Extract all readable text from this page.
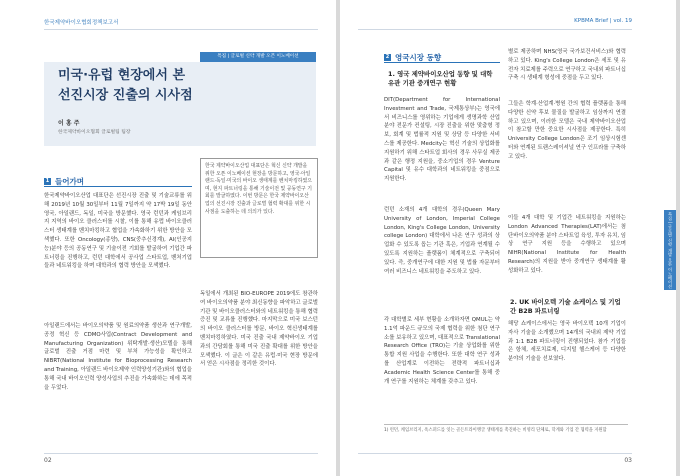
한국제약바이오협회정책보고서
특집 | 글로벌 신약 개발 오픈 이노베이션
미국·유럽 현장에서 본
선진시장 진출의 시사점
이 홍 주
한국제약바이오협회 글로벌팀 팀장
1 들어가며
한국제약바이오산업 대표단은 선진시장 진출 및 기술교류를 위해 2019년 10월 30일부터 11월 7일까지 약 17박 19일 동안 영국, 아일랜드, 독일, 미국을 방문했다. 영국 런던과 케임브리지 지역의 바이오 클러스터를 시찰, 이를 통해 유럽 바이오클러스터 생태계를 벤치마킹하고 협업을 가속화하기 위한 방안을 모색했다. 또한 Oncology(종양), CNS(중추신경계), AI(인공지능)분야 등의 공동연구 및 기술이전 기회를 발굴하여 기업간 파트너링을 진행하고, 런던 대학에서 공사업 스타트업, 벤처기업들과 네트워킹을 하며 대학과의 협력 방안을 모색했다.
아일랜드에서는 바이오의약품 및 원료의약품 생산과 연구개발, 공정 혁신 등 CDMO사업(Contract Development and Manufacturing Organization) 위탁개발·생산)모델을 통해 글로벌 진출 거점 마련 및 부처 가능성을 확인하고 NIBRT(National Institute for Bioprocessing Research and Training, 아일랜드 바이오제약 인력양성기관)와의 협업을 통해 국내 바이오인력 양성사업의 추진을 가속화하는 데에 목적을 두었다.
한국 제약바이오산업 대표단은 혁신 신약 개발을 위한 오픈 이노베이션 현장을 방문하고, 영국·아일랜드·독일·미국의 바이오 생태계를 벤치마킹하였으며, 현지 파트너링을 통해 기술이전 및 공동연구 기회를 발굴하였다. 이번 방문은 한국 제약바이오산업의 선진시장 진출과 글로벌 협력 확대를 위한 시사점을 도출하는 데 의의가 있다.
독일에서 개최된 BIO-EUROPE 2019에도 참관하여 바이오의약품 분야 최신동향을 파악하고 글로벌 기관 및 바이오클러스터와의 네트워킹을 통해 협력 증진 및 교류를 진행했다. 마지막으로 미국 보스턴의 바이오 클러스터를 방문, 바이오 혁신생태계를 벤치마킹하였다. 미국 진출 국내 제약바이오 기업과의 간담회를 통해 미국 진출 확대를 위한 방안을 모색했다. 이 글은 이 같은 유럽·미국 현장 방문에서 얻은 시사점을 정리한 것이다.
02
KPBMA Brief | vol. 19
2 영국시장 동향
1. 영국 제약바이오산업 동향 및 대학 유관 기관 중개연구 현황
DIT(Department for International Investment and Trade, 국제통상부)는 영국에서 비즈니스를 영위하는 기업에게 생명과학 산업 분야 전문가 컨설팅, 시장 진출을 위한 맞춤형 정보, 회계 및 법률적 지원 및 상담 등 다양한 서비스를 제공한다. Medcity는 혁신 기술의 상업화를 지원하기 위해 스타트업 회사의 경우 사무실 제공과 같은 행정 지원을, 중소기업의 경우 Venture Capital 및 유수 대학과의 네트워킹을 중점으로 지원한다.
런던 소재의 4개 대학의 경우(Queen Mary University of London, Imperial College London, King's College London, University college London) 대학에서 나온 연구 성과의 상업화 수 있도록 돕는 기관 혹은, 기업과 연계될 수 있도록 지원하는 플랫폼이 체계적으로 구축되어 있다. 즉, 중개연구에 대한 지원 및 법률 자문부터 여러 비즈니스 네트워킹을 주도하고 있다.
각 대학별로 세부 현황을 소개하자면 QMUL는 약 1.1억 파운드 규모의 국제 협력을 위한 첨단 연구소를 보유하고 있으며, 대표적으로 Translational Research Office (TRO)는 기술 상업화를 위한 통합 지원 사업을 수행한다. 또한 대학 연구 성과를 산업계로 이전하는 전략적 파트너십과 Academic Health Science Center를 통해 중개 연구를 지원하는 체계를 갖추고 있다.
별로 제공하며 NHS(영국 국가보건서비스)와 협력하고 있다. King's College London은 세포 및 유전자 치료제를 주력으로 연구하고 국내외 파트너십 구축 시 생태계 형성에 중점을 두고 있다.
그들은 학계·산업계·병원 간의 협력 플랫폼을 통해 다양한 신약 후보 물질을 발굴하고 임상까지 연결하고 있으며, 이러한 모델은 국내 제약바이오산업이 참고할 만한 중요한 시사점을 제공한다. 특히 University College London은 조기 임상시험센터와 연계된 트랜스레이셔널 연구 인프라를 구축하고 있다.
이들 4개 대학 및 기업간 네트워킹을 지원하는 London Advanced Therapies(LAT)에서는 첨단바이오의약품 분야 스타트업 육성, 투자 유치, 임상 연구 지원 등을 수행하고 있으며 NIHR(National Institute for Health Research)의 지원을 받아 중개연구 생태계를 활성화하고 있다.
2. UK 바이오텍 기술 쇼케이스 및 기업 간 B2B 파트너링
해당 쇼케이스에서는 영국 바이오텍 10개 기업이 자사 기술을 소개했으며 14개의 국내외 제약 기업과 1:1 B2B 파트너링이 진행되었다. 참가 기업들은 항체, 세포치료제, 디지털 헬스케어 등 다양한 분야의 기술을 선보였다.
1) 런던, 케임브리지, 옥스퍼드를 잇는 골든트라이앵글 생태계를 촉진하는 비영리 단체로, 학계와 기업 간 협력을 지원함
특집 | 글로벌 신약 개발 오픈 이노베이션
03
